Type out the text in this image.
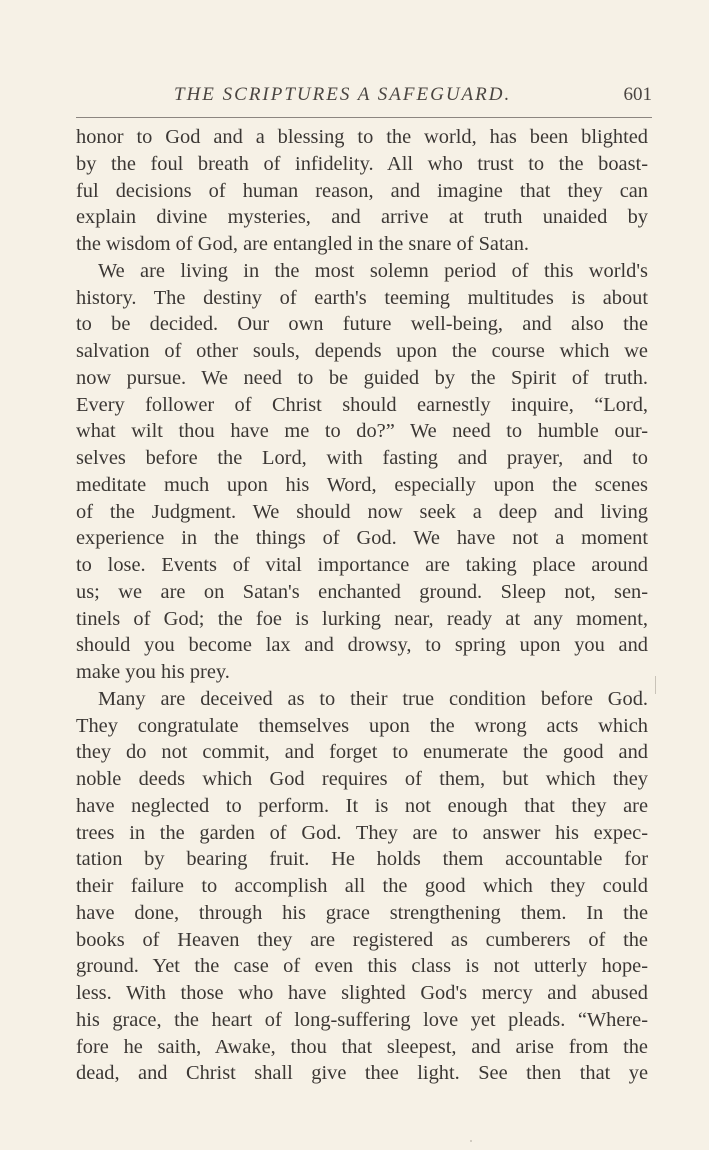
THE SCRIPTURES A SAFEGUARD.	601
honor to God and a blessing to the world, has been blighted
by the foul breath of infidelity. All who trust to the boast-
ful decisions of human reason, and imagine that they can
explain divine mysteries, and arrive at truth unaided by
the wisdom of God, are entangled in the snare of Satan.
We are living in the most solemn period of this world's
history. The destiny of earth's teeming multitudes is about
to be decided. Our own future well-being, and also the
salvation of other souls, depends upon the course which we
now pursue. We need to be guided by the Spirit of truth.
Every follower of Christ should earnestly inquire, “Lord,
what wilt thou have me to do?” We need to humble our-
selves before the Lord, with fasting and prayer, and to
meditate much upon his Word, especially upon the scenes
of the Judgment. We should now seek a deep and living
experience in the things of God. We have not a moment
to lose. Events of vital importance are taking place around
us; we are on Satan's enchanted ground. Sleep not, sen-
tinels of God; the foe is lurking near, ready at any moment,
should you become lax and drowsy, to spring upon you and
make you his prey.
Many are deceived as to their true condition before God.
They congratulate themselves upon the wrong acts which
they do not commit, and forget to enumerate the good and
noble deeds which God requires of them, but which they
have neglected to perform. It is not enough that they are
trees in the garden of God. They are to answer his expec-
tation by bearing fruit. He holds them accountable for
their failure to accomplish all the good which they could
have done, through his grace strengthening them. In the
books of Heaven they are registered as cumberers of the
ground. Yet the case of even this class is not utterly hope-
less. With those who have slighted God's mercy and abused
his grace, the heart of long-suffering love yet pleads. “Where-
fore he saith, Awake, thou that sleepest, and arise from the
dead, and Christ shall give thee light. See then that ye
